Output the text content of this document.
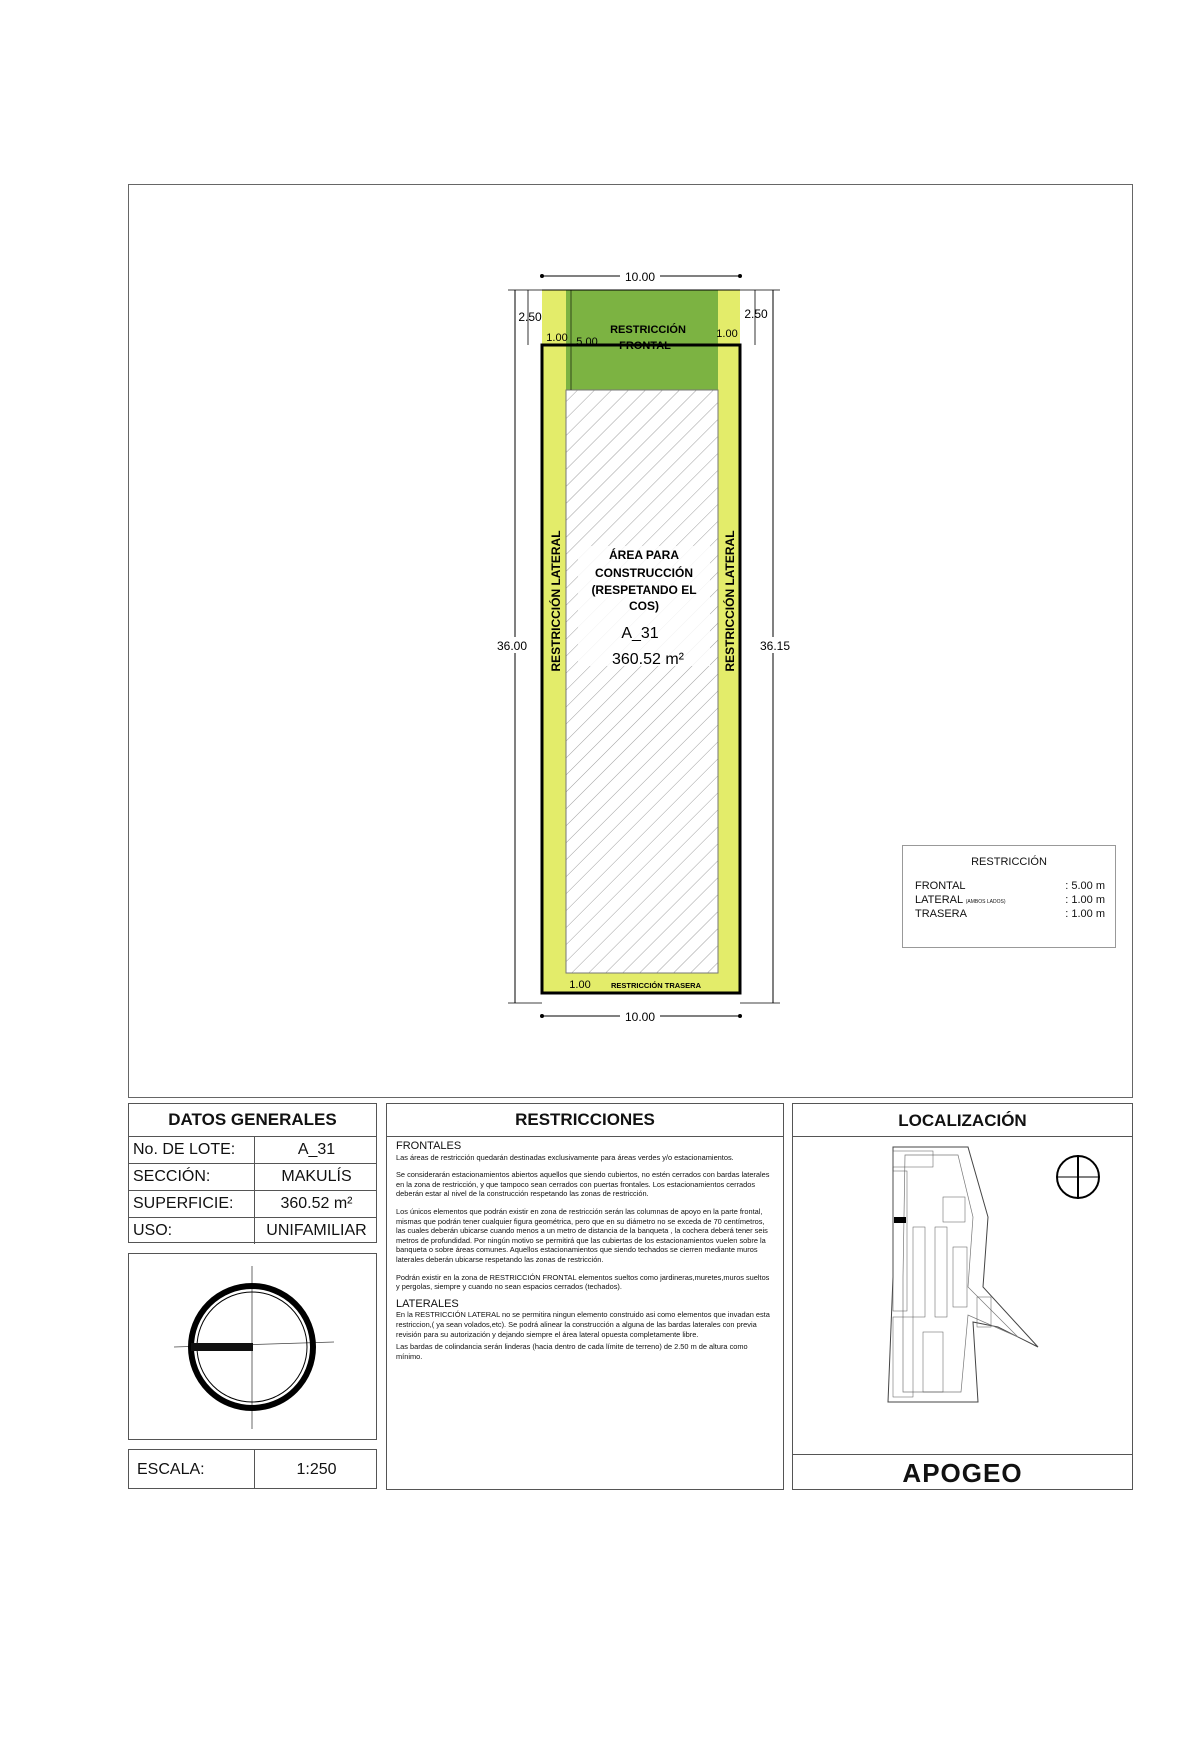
10.00
10.00
36.00	36.15
2.50	2.50
1.00	1.00
5.00
RESTRICCIÓN
FRONTAL
RESTRICCIÓN LATERAL	RESTRICCIÓN LATERAL
1.00	RESTRICCIÓN TRASERA
ÁREA PARA
CONSTRUCCIÓN
(RESPETANDO EL
COS)
A_31
360.52 m²
RESTRICCIÓN
FRONTAL	: 5.00 m
LATERAL (AMBOS LADOS)	: 1.00 m
TRASERA	: 1.00 m
DATOS GENERALES
No. DE LOTE:	A_31
SECCIÓN:	MAKULÍS
SUPERFICIE:	360.52 m²
USO:	UNIFAMILIAR
ESCALA:	1:250
RESTRICCIONES
FRONTALES

Las áreas de restricción quedarán destinadas exclusivamente para áreas verdes y/o estacionamientos.

Se considerarán estacionamientos abiertos aquellos que siendo cubiertos, no estén cerrados con bardas laterales en la zona de restricción, y que tampoco sean cerrados con puertas frontales. Los estacionamientos cerrados deberán estar al nivel de la construcción respetando las zonas de restricción.

Los únicos elementos que podrán existir en zona de restricción serán las columnas de apoyo en la parte frontal, mismas que podrán tener cualquier figura geométrica, pero que en su diámetro no se exceda de 70 centímetros, las cuales deberán ubicarse cuando menos a un metro de distancia de la banqueta , la cochera deberá tener seis metros de profundidad. Por ningún motivo se permitirá que las cubiertas de los estacionamientos vuelen sobre la banqueta o sobre áreas comunes. Aquellos estacionamientos que siendo techados se cierren mediante muros laterales deberán ubicarse respetando las zonas de restricción.

Podrán existir en la zona de RESTRICCIÓN FRONTAL elementos sueltos como jardineras,muretes,muros sueltos y pergolas, siempre y cuando no sean espacios cerrados (techados).

LATERALES

En la RESTRICCIÓN LATERAL no se permitira ningun elemento construido asi como elementos que invadan esta restriccion,( ya sean volados,etc). Se podrá alinear la construcción a alguna de las bardas laterales con previa revisión para su autorización y dejando siempre el área lateral opuesta completamente libre.

Las bardas de colindancia serán linderas (hacia dentro de cada límite de terreno) de 2.50 m de altura como mínimo.

LOCALIZACIÓN
APOGEO
